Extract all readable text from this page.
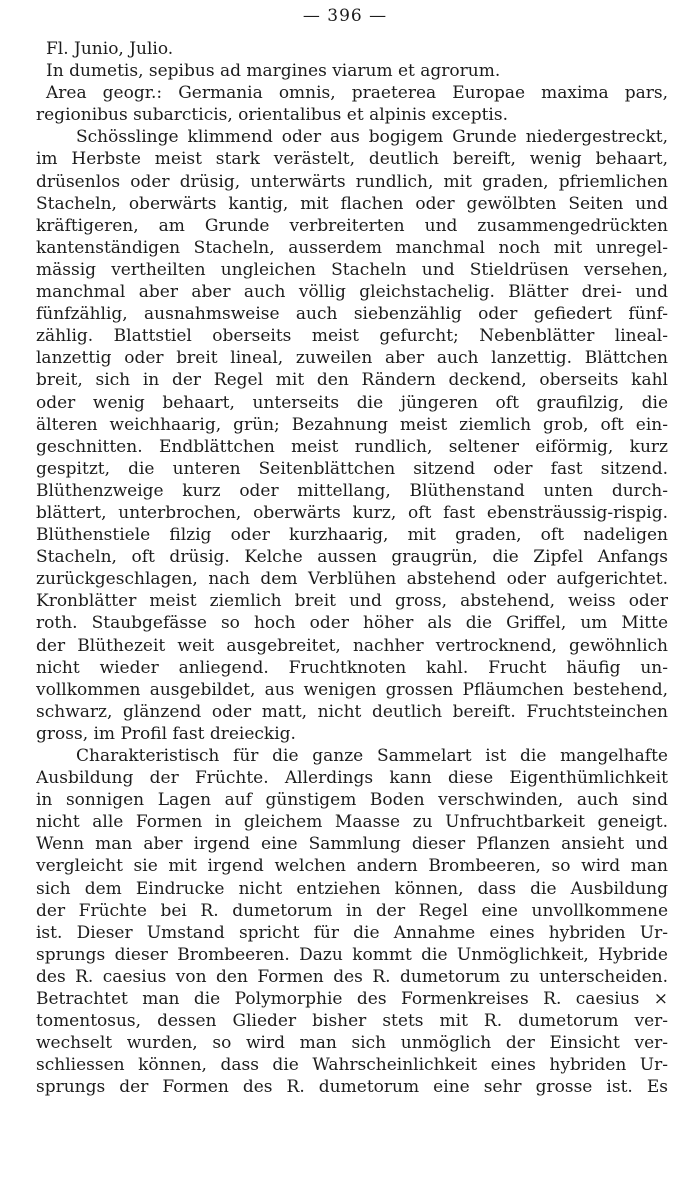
— 396 —
Fl. Junio, Julio.
In dumetis, sepibus ad margines viarum et agrorum.
Area geogr.: Germania omnis, praeterea Europae maxima pars,
regionibus subarcticis, orientalibus et alpinis exceptis.
Schösslinge klimmend oder aus bogigem Grunde niedergestreckt,
im Herbste meist stark verästelt, deutlich bereift, wenig behaart,
drüsenlos oder drüsig, unterwärts rundlich, mit graden, pfriemlichen
Stacheln, oberwärts kantig, mit flachen oder gewölbten Seiten und
kräftigeren, am Grunde verbreiterten und zusammengedrückten
kantenständigen Stacheln, ausserdem manchmal noch mit unregel-
mässig vertheilten ungleichen Stacheln und Stieldrüsen versehen,
manchmal aber aber auch völlig gleichstachelig. Blätter drei- und
fünfzählig, ausnahmsweise auch siebenzählig oder gefiedert fünf-
zählig. Blattstiel oberseits meist gefurcht; Nebenblätter lineal-
lanzettig oder breit lineal, zuweilen aber auch lanzettig. Blättchen
breit, sich in der Regel mit den Rändern deckend, oberseits kahl
oder wenig behaart, unterseits die jüngeren oft graufilzig, die
älteren weichhaarig, grün; Bezahnung meist ziemlich grob, oft ein-
geschnitten. Endblättchen meist rundlich, seltener eiförmig, kurz
gespitzt, die unteren Seitenblättchen sitzend oder fast sitzend.
Blüthenzweige kurz oder mittellang, Blüthenstand unten durch-
blättert, unterbrochen, oberwärts kurz, oft fast ebensträussig-rispig.
Blüthenstiele filzig oder kurzhaarig, mit graden, oft nadeligen
Stacheln, oft drüsig. Kelche aussen graugrün, die Zipfel Anfangs
zurückgeschlagen, nach dem Verblühen abstehend oder aufgerichtet.
Kronblätter meist ziemlich breit und gross, abstehend, weiss oder
roth. Staubgefässe so hoch oder höher als die Griffel, um Mitte
der Blüthezeit weit ausgebreitet, nachher vertrocknend, gewöhnlich
nicht wieder anliegend. Fruchtknoten kahl. Frucht häufig un-
vollkommen ausgebildet, aus wenigen grossen Pfläumchen bestehend,
schwarz, glänzend oder matt, nicht deutlich bereift. Fruchtsteinchen
gross, im Profil fast dreieckig.
Charakteristisch für die ganze Sammelart ist die mangelhafte
Ausbildung der Früchte. Allerdings kann diese Eigenthümlichkeit
in sonnigen Lagen auf günstigem Boden verschwinden, auch sind
nicht alle Formen in gleichem Maasse zu Unfruchtbarkeit geneigt.
Wenn man aber irgend eine Sammlung dieser Pflanzen ansieht und
vergleicht sie mit irgend welchen andern Brombeeren, so wird man
sich dem Eindrucke nicht entziehen können, dass die Ausbildung
der Früchte bei R. dumetorum in der Regel eine unvollkommene
ist. Dieser Umstand spricht für die Annahme eines hybriden Ur-
sprungs dieser Brombeeren. Dazu kommt die Unmöglichkeit, Hybride
des R. caesius von den Formen des R. dumetorum zu unterscheiden.
Betrachtet man die Polymorphie des Formenkreises R. caesius ×
tomentosus, dessen Glieder bisher stets mit R. dumetorum ver-
wechselt wurden, so wird man sich unmöglich der Einsicht ver-
schliessen können, dass die Wahrscheinlichkeit eines hybriden Ur-
sprungs der Formen des R. dumetorum eine sehr grosse ist. Es
